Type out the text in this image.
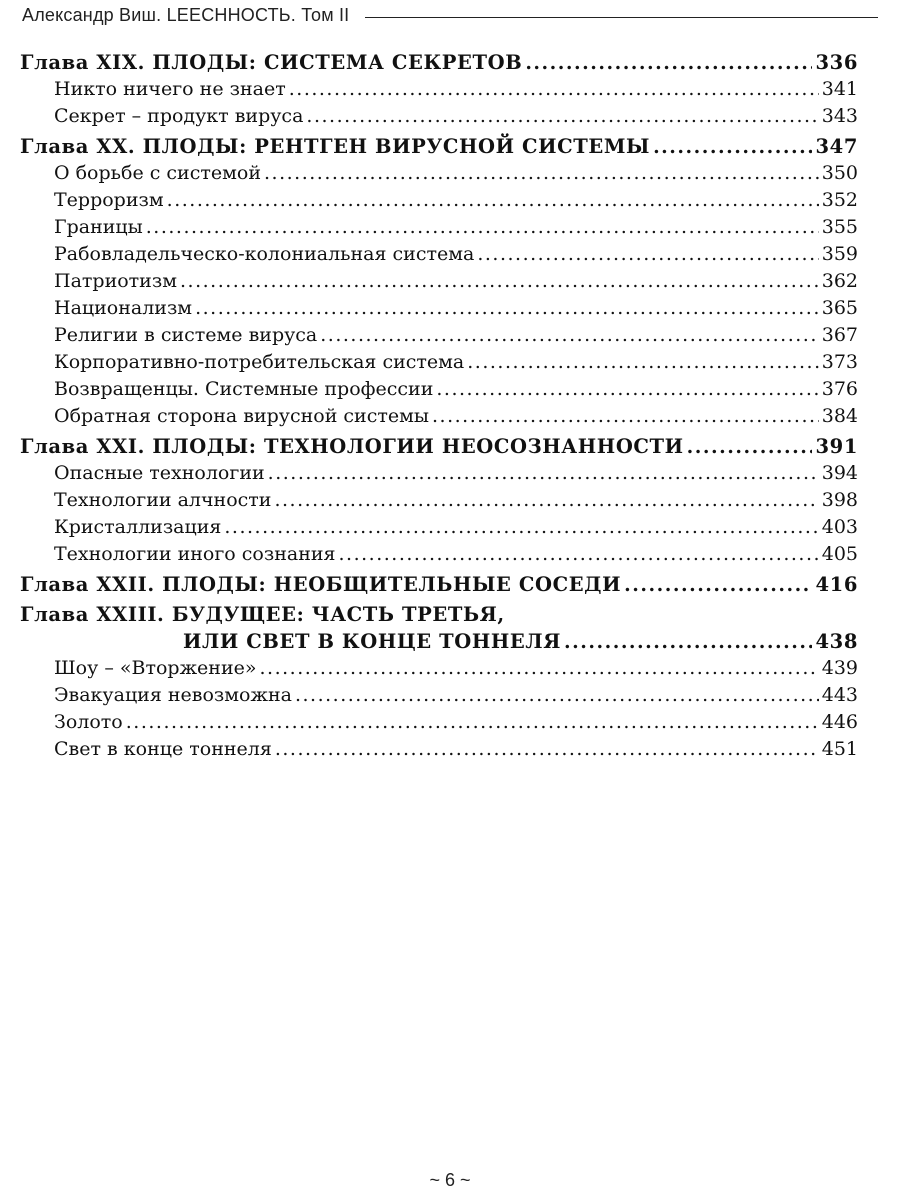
Александр Виш. LEECHНОСТЬ. Том II
Глава XIX. ПЛОДЫ: СИСТЕМА СЕКРЕТОВ .....	336
Никто ничего не знает .....	341
Секрет – продукт вируса .....	343
Глава XX. ПЛОДЫ: РЕНТГЕН ВИРУСНОЙ СИСТЕМЫ .....	347
О борьбе с системой .....	350
Терроризм .....	352
Границы .....	355
Рабовладельческо-колониальная система .....	359
Патриотизм .....	362
Национализм .....	365
Религии в системе вируса .....	367
Корпоративно-потребительская система .....	373
Возвращенцы. Системные профессии .....	376
Обратная сторона вирусной системы .....	384
Глава XXI. ПЛОДЫ: ТЕХНОЛОГИИ НЕОСОЗНАННОСТИ .....	391
Опасные технологии .....	394
Технологии алчности .....	398
Кристаллизация .....	403
Технологии иного сознания .....	405
Глава XXII. ПЛОДЫ: НЕОБЩИТЕЛЬНЫЕ СОСЕДИ .....	416
Глава XXIII. БУДУЩЕЕ: ЧАСТЬ ТРЕТЬЯ,
ИЛИ СВЕТ В КОНЦЕ ТОННЕЛЯ .....	438
Шоу – «Вторжение» .....	439
Эвакуация невозможна .....	443
Золото .....	446
Свет в конце тоннеля .....	451
~ 6 ~
